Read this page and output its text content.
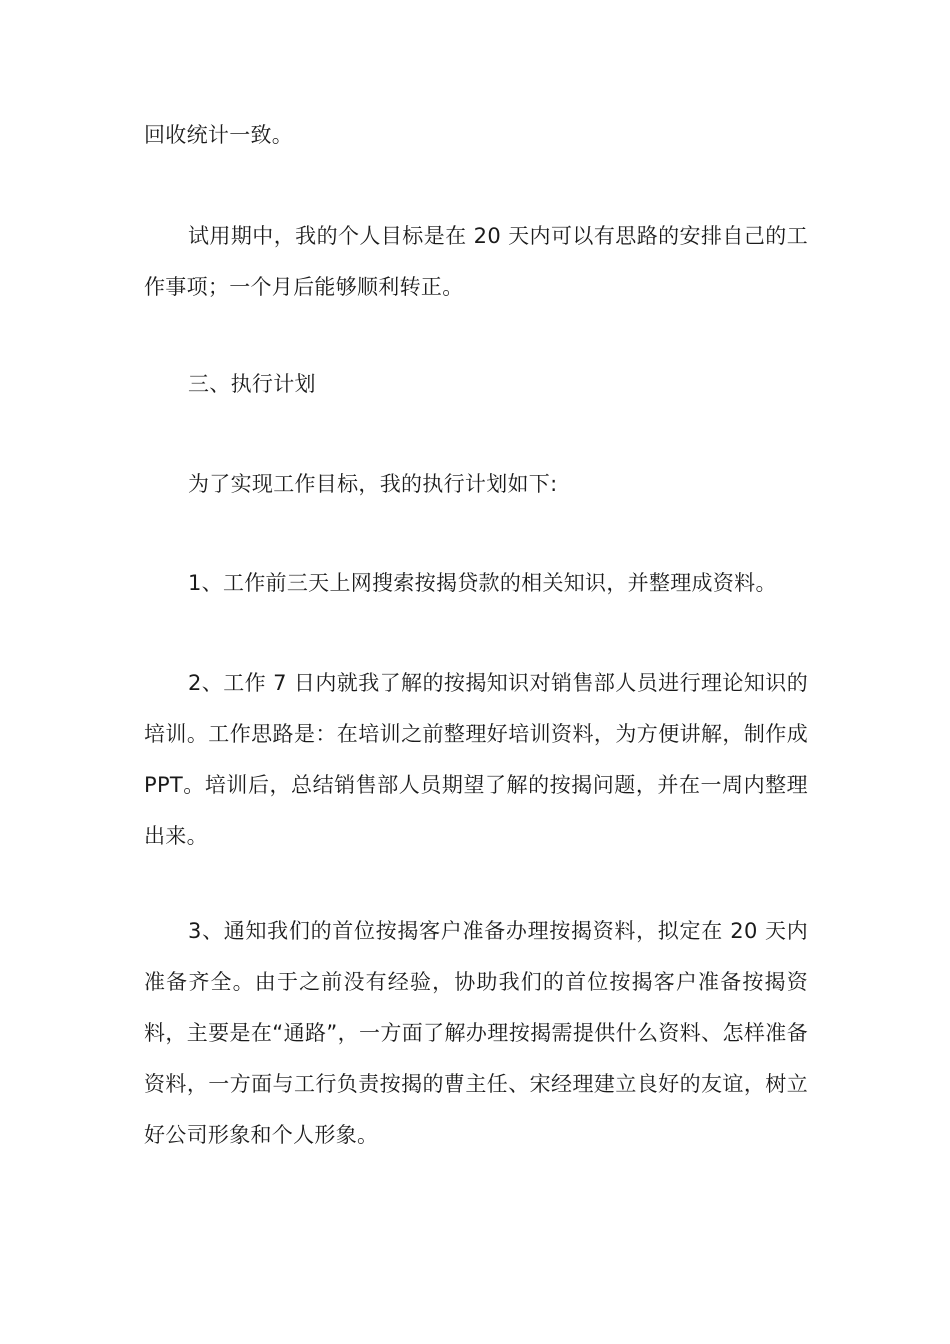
回收统计一致。

试用期中，我的个人目标是在 20 天内可以有思路的安排自己的工作事项；一个月后能够顺利转正。

三、执行计划

为了实现工作目标，我的执行计划如下:

1、工作前三天上网搜索按揭贷款的相关知识，并整理成资料。

2、工作 7 日内就我了解的按揭知识对销售部人员进行理论知识的培训。工作思路是：在培训之前整理好培训资料，为方便讲解，制作成 PPT。培训后，总结销售部人员期望了解的按揭问题，并在一周内整理出来。

3、通知我们的首位按揭客户准备办理按揭资料，拟定在 20 天内准备齐全。由于之前没有经验，协助我们的首位按揭客户准备按揭资料，主要是在“通路”，一方面了解办理按揭需提供什么资料、怎样准备资料，一方面与工行负责按揭的曹主任、宋经理建立良好的友谊，树立好公司形象和个人形象。
